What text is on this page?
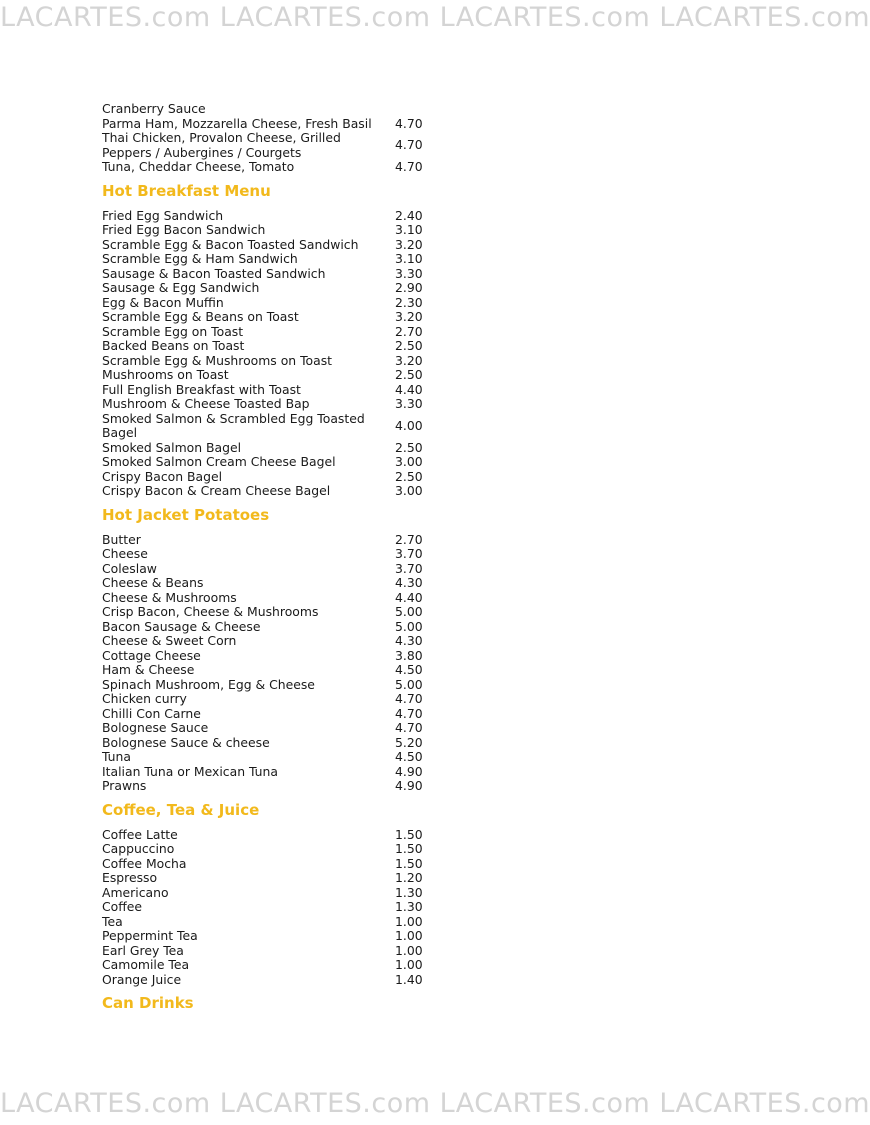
LACARTES.com LACARTES.com LACARTES.com LACARTES.com
LACARTES.com LACARTES.com LACARTES.com LACARTES.com
Cranberry Sauce
Parma Ham, Mozzarella Cheese, Fresh Basil	4.70
Thai Chicken, Provalon Cheese, Grilled
Peppers / Aubergines / Courgets	4.70
Tuna, Cheddar Cheese, Tomato	4.70
Hot Breakfast Menu
Fried Egg Sandwich	2.40
Fried Egg Bacon Sandwich	3.10
Scramble Egg & Bacon Toasted Sandwich	3.20
Scramble Egg & Ham Sandwich	3.10
Sausage & Bacon Toasted Sandwich	3.30
Sausage & Egg Sandwich	2.90
Egg & Bacon Muffin	2.30
Scramble Egg & Beans on Toast	3.20
Scramble Egg on Toast	2.70
Backed Beans on Toast	2.50
Scramble Egg & Mushrooms on Toast	3.20
Mushrooms on Toast	2.50
Full English Breakfast with Toast	4.40
Mushroom & Cheese Toasted Bap	3.30
Smoked Salmon & Scrambled Egg Toasted
Bagel	4.00
Smoked Salmon Bagel	2.50
Smoked Salmon Cream Cheese Bagel	3.00
Crispy Bacon Bagel	2.50
Crispy Bacon & Cream Cheese Bagel	3.00
Hot Jacket Potatoes
Butter	2.70
Cheese	3.70
Coleslaw	3.70
Cheese & Beans	4.30
Cheese & Mushrooms	4.40
Crisp Bacon, Cheese & Mushrooms	5.00
Bacon Sausage & Cheese	5.00
Cheese & Sweet Corn	4.30
Cottage Cheese	3.80
Ham & Cheese	4.50
Spinach Mushroom, Egg & Cheese	5.00
Chicken curry	4.70
Chilli Con Carne	4.70
Bolognese Sauce	4.70
Bolognese Sauce & cheese	5.20
Tuna	4.50
Italian Tuna or Mexican Tuna	4.90
Prawns	4.90
Coffee, Tea & Juice
Coffee Latte	1.50
Cappuccino	1.50
Coffee Mocha	1.50
Espresso	1.20
Americano	1.30
Coffee	1.30
Tea	1.00
Peppermint Tea	1.00
Earl Grey Tea	1.00
Camomile Tea	1.00
Orange Juice	1.40
Can Drinks
